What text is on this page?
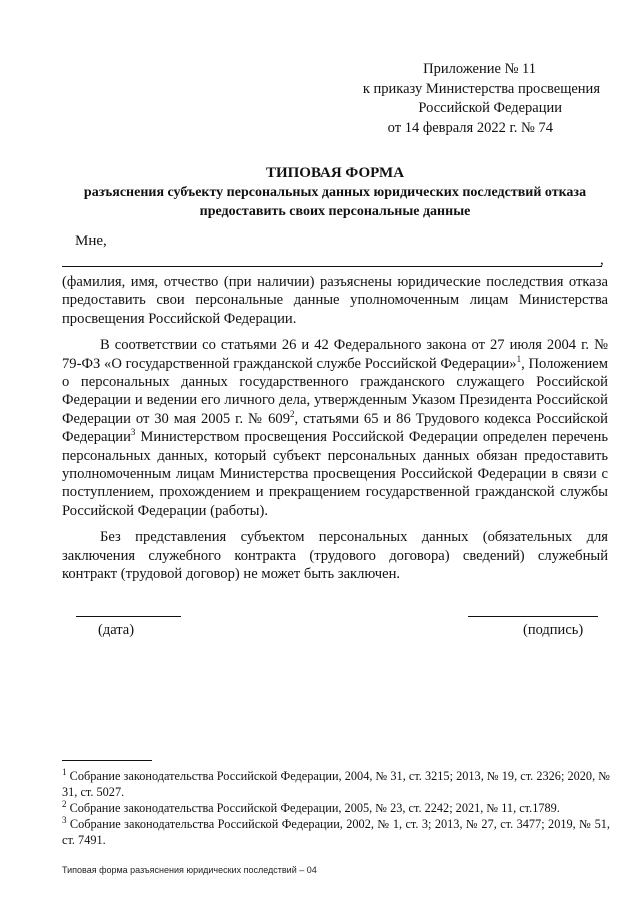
Приложение № 11
к приказу Министерства просвещения
Российской Федерации
от 14 февраля 2022 г. № 74
ТИПОВАЯ ФОРМА
разъяснения субъекту персональных данных юридических последствий отказа предоставить своих персональные данные
Мне,
,

(фамилия, имя, отчество (при наличии) разъяснены юридические последствия отказа предоставить свои персональные данные уполномоченным лицам Министерства просвещения Российской Федерации.

В соответствии со статьями 26 и 42 Федерального закона от 27 июля 2004 г. № 79-ФЗ «О государственной гражданской службе Российской Федерации»$^1$, Положением о персональных данных государственного гражданского служащего Российской Федерации и ведении его личного дела, утвержденным Указом Президента Российской Федерации от 30 мая 2005 г. № $609^2$, статьями 65 и 86 Трудового кодекса Российской Федерации$^3$ Министерством просвещения Российской Федерации определен перечень персональных данных, который субъект персональных данных обязан предоставить уполномоченным лицам Министерства просвещения Российской Федерации в связи с поступлением, прохождением и прекращением государственной гражданской службы Российской Федерации (работы).

Без представления субъектом персональных данных (обязательных для заключения служебного контракта (трудового договора) сведений) служебный контракт (трудовой договор) не может быть заключен.

(дата)	(подпись)

$^1$ Собрание законодательства Российской Федерации, 2004, № 31, ст. 3215; 2013, № 19, ст. 2326; 2020, № 31, ст. 5027.

$^2$ Собрание законодательства Российской Федерации, 2005, № 23, ст. 2242; 2021, № 11, ст.1789.

$^3$ Собрание законодательства Российской Федерации, 2002, № 1, ст. 3; 2013, № 27, ст. 3477; 2019, № 51, ст. 7491.

Типовая форма разъяснения юридических последствий – 04
